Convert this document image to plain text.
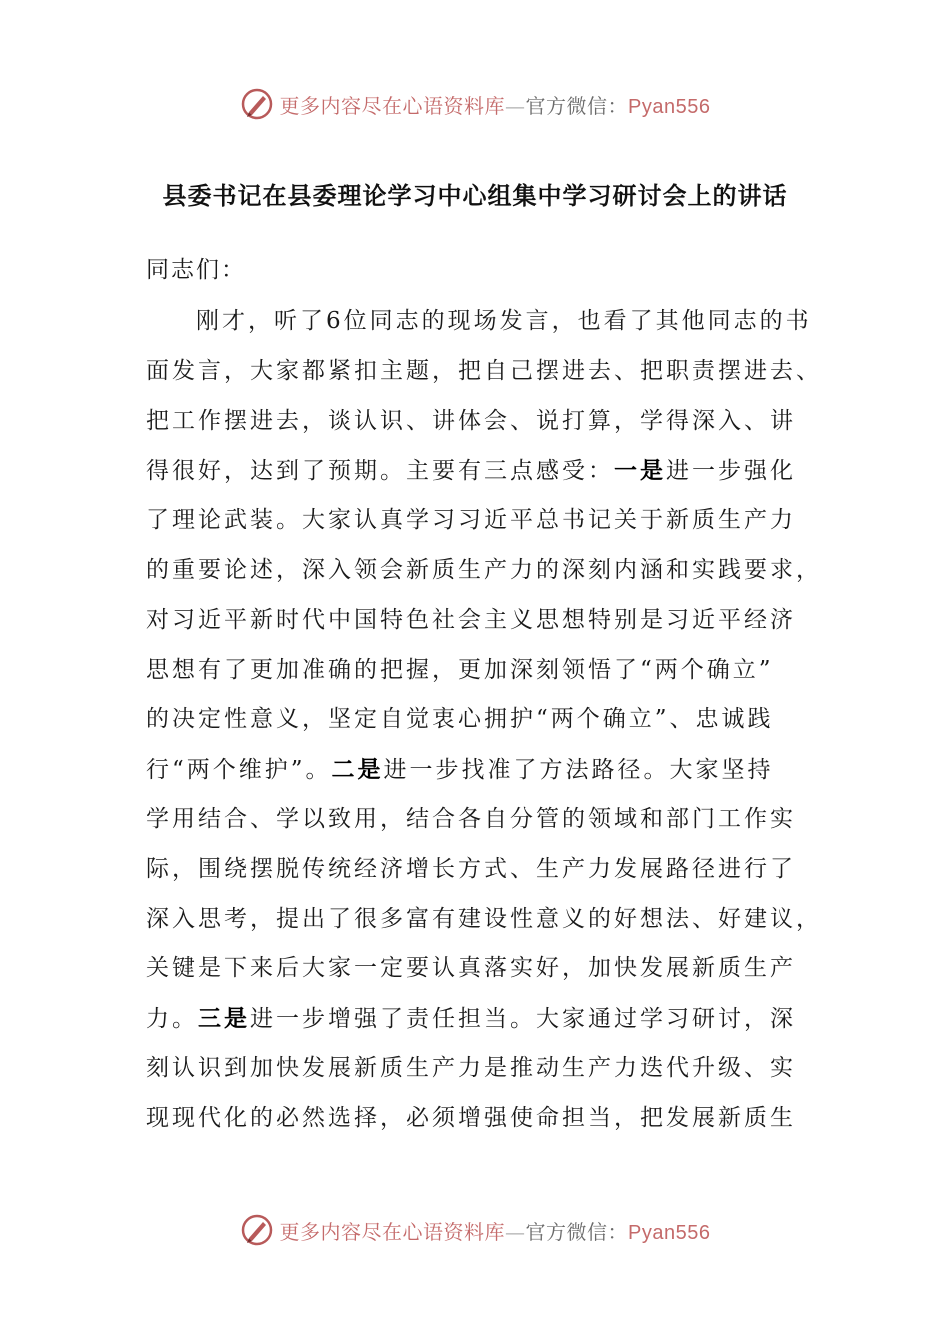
更多内容尽在心语资料库—官方微信：Pyan556
县委书记在县委理论学习中心组集中学习研讨会上的讲话
同志们：
刚才，听了6位同志的现场发言，也看了其他同志的书
面发言，大家都紧扣主题，把自己摆进去、把职责摆进去、
把工作摆进去，谈认识、讲体会、说打算，学得深入、讲
得很好，达到了预期。主要有三点感受：一是进一步强化
了理论武装。大家认真学习习近平总书记关于新质生产力
的重要论述，深入领会新质生产力的深刻内涵和实践要求，
对习近平新时代中国特色社会主义思想特别是习近平经济
思想有了更加准确的把握，更加深刻领悟了“两个确立”
的决定性意义，坚定自觉衷心拥护“两个确立”、忠诚践
行“两个维护”。二是进一步找准了方法路径。大家坚持
学用结合、学以致用，结合各自分管的领域和部门工作实
际，围绕摆脱传统经济增长方式、生产力发展路径进行了
深入思考，提出了很多富有建设性意义的好想法、好建议，
关键是下来后大家一定要认真落实好，加快发展新质生产
力。三是进一步增强了责任担当。大家通过学习研讨，深
刻认识到加快发展新质生产力是推动生产力迭代升级、实
现现代化的必然选择，必须增强使命担当，把发展新质生
更多内容尽在心语资料库—官方微信：Pyan556
